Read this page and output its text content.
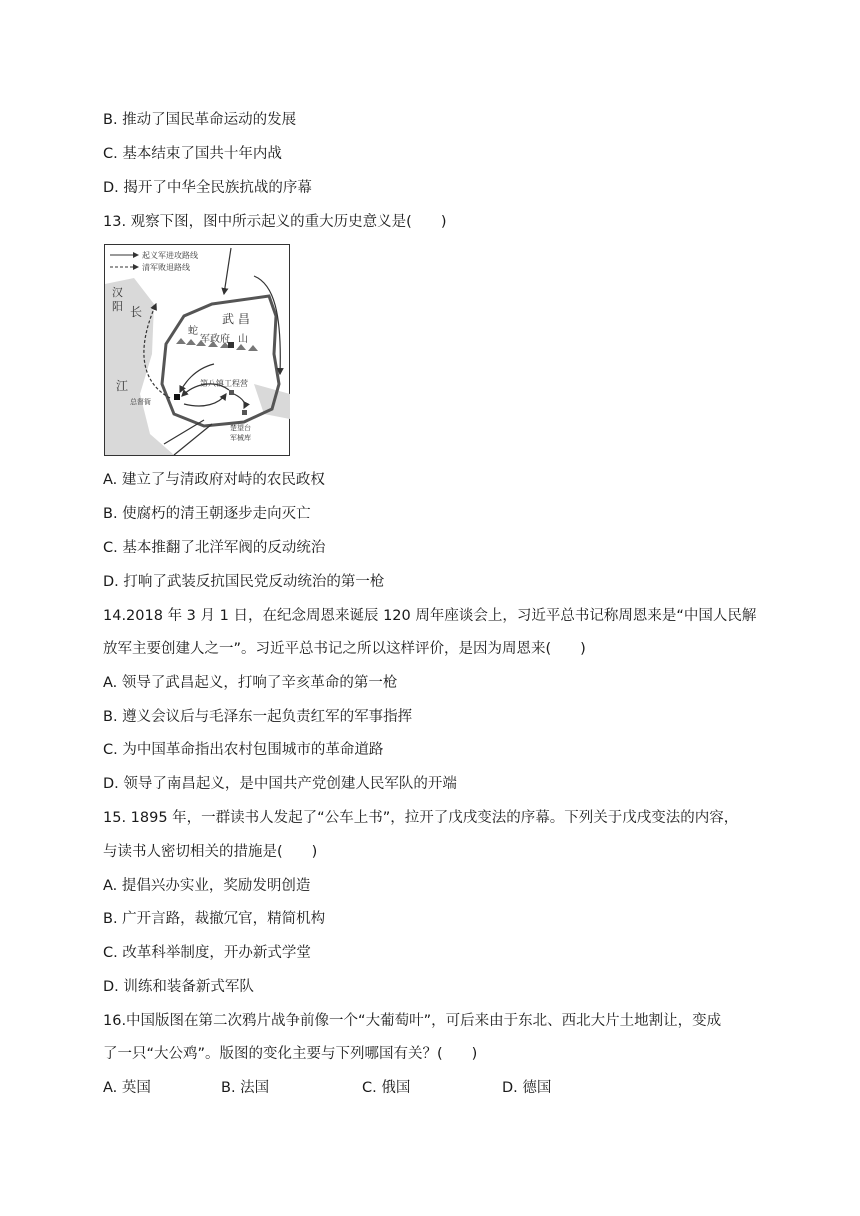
B. 推动了国民革命运动的发展
C. 基本结束了国共十年内战
D. 揭开了中华全民族抗战的序幕
13. 观察下图，图中所示起义的重大历史意义是(　　)
起义军进攻路线
清军败退路线
汉
阳 长
江
武 昌
蛇
军政府 山
第八镇工程营
总督衙
楚望台
军械库
A. 建立了与清政府对峙的农民政权
B. 使腐朽的清王朝逐步走向灭亡
C. 基本推翻了北洋军阀的反动统治
D. 打响了武装反抗国民党反动统治的第一枪
14.2018 年 3 月 1 日，在纪念周恩来诞辰 120 周年座谈会上，习近平总书记称周恩来是“中国人民解
放军主要创建人之一”。习近平总书记之所以这样评价，是因为周恩来(　　)
A. 领导了武昌起义，打响了辛亥革命的第一枪
B. 遵义会议后与毛泽东一起负责红军的军事指挥
C. 为中国革命指出农村包围城市的革命道路
D. 领导了南昌起义，是中国共产党创建人民军队的开端
15. 1895 年，一群读书人发起了“公车上书”，拉开了戊戌变法的序幕。下列关于戊戌变法的内容，
与读书人密切相关的措施是(　　)
A. 提倡兴办实业，奖励发明创造
B. 广开言路，裁撤冗官，精简机构
C. 改革科举制度，开办新式学堂
D. 训练和装备新式军队
16.中国版图在第二次鸦片战争前像一个“大葡萄叶”，可后来由于东北、西北大片土地割让，变成
了一只“大公鸡”。版图的变化主要与下列哪国有关？(　　)
A. 英国	B. 法国	C. 俄国	D. 德国
